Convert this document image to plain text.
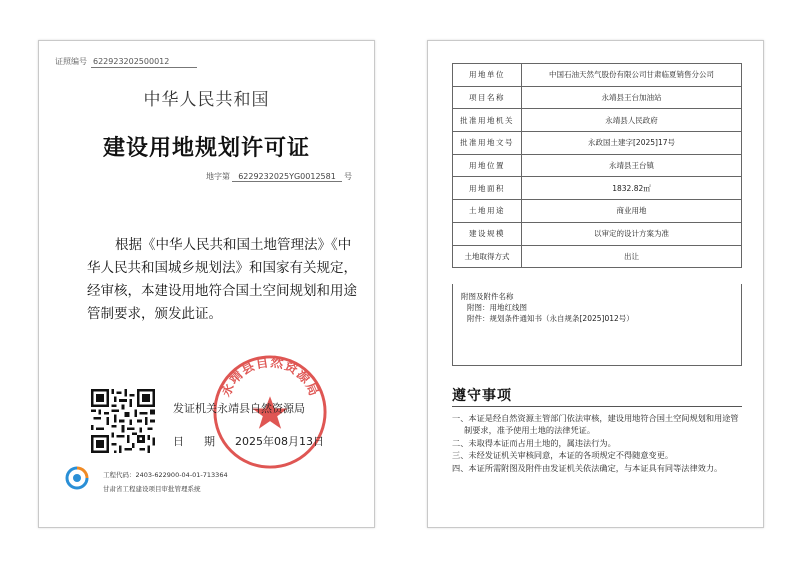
证照编号 622923202500012
中华人民共和国
建设用地规划许可证
地字第 6229232025YG0012581 号
根据《中华人民共和国土地管理法》《中
华人民共和国城乡规划法》和国家有关规定，
经审核，本建设用地符合国土空间规划和用途
管制要求，颁发此证。
永靖县自然资源局
发证机关永靖县自然资源局
日期2025年08月13日
工程代码：2403-622900-04-01-713364
甘肃省工程建设项目审批管理系统
用地单位	中国石油天然气股份有限公司甘肃临夏销售分公司
项目名称	永靖县王台加油站
批准用地机关	永靖县人民政府
批准用地文号	永政国土建字[2025]17号
用地位置	永靖县王台镇
用地面积	1832.82㎡
土地用途	商业用地
建设规模	以审定的设计方案为准
土地取得方式	出让
附图及附件名称
附图：用地红线图
附件：规划条件通知书（永自规条[2025]012号）
遵守事项
一、本证是经自然资源主管部门依法审核，建设用地符合国土空间规划和用途管制要求，准予使用土地的法律凭证。
二、未取得本证而占用土地的，属违法行为。
三、未经发证机关审核同意，本证的各项规定不得随意变更。
四、本证所需附图及附件由发证机关依法确定，与本证具有同等法律效力。
